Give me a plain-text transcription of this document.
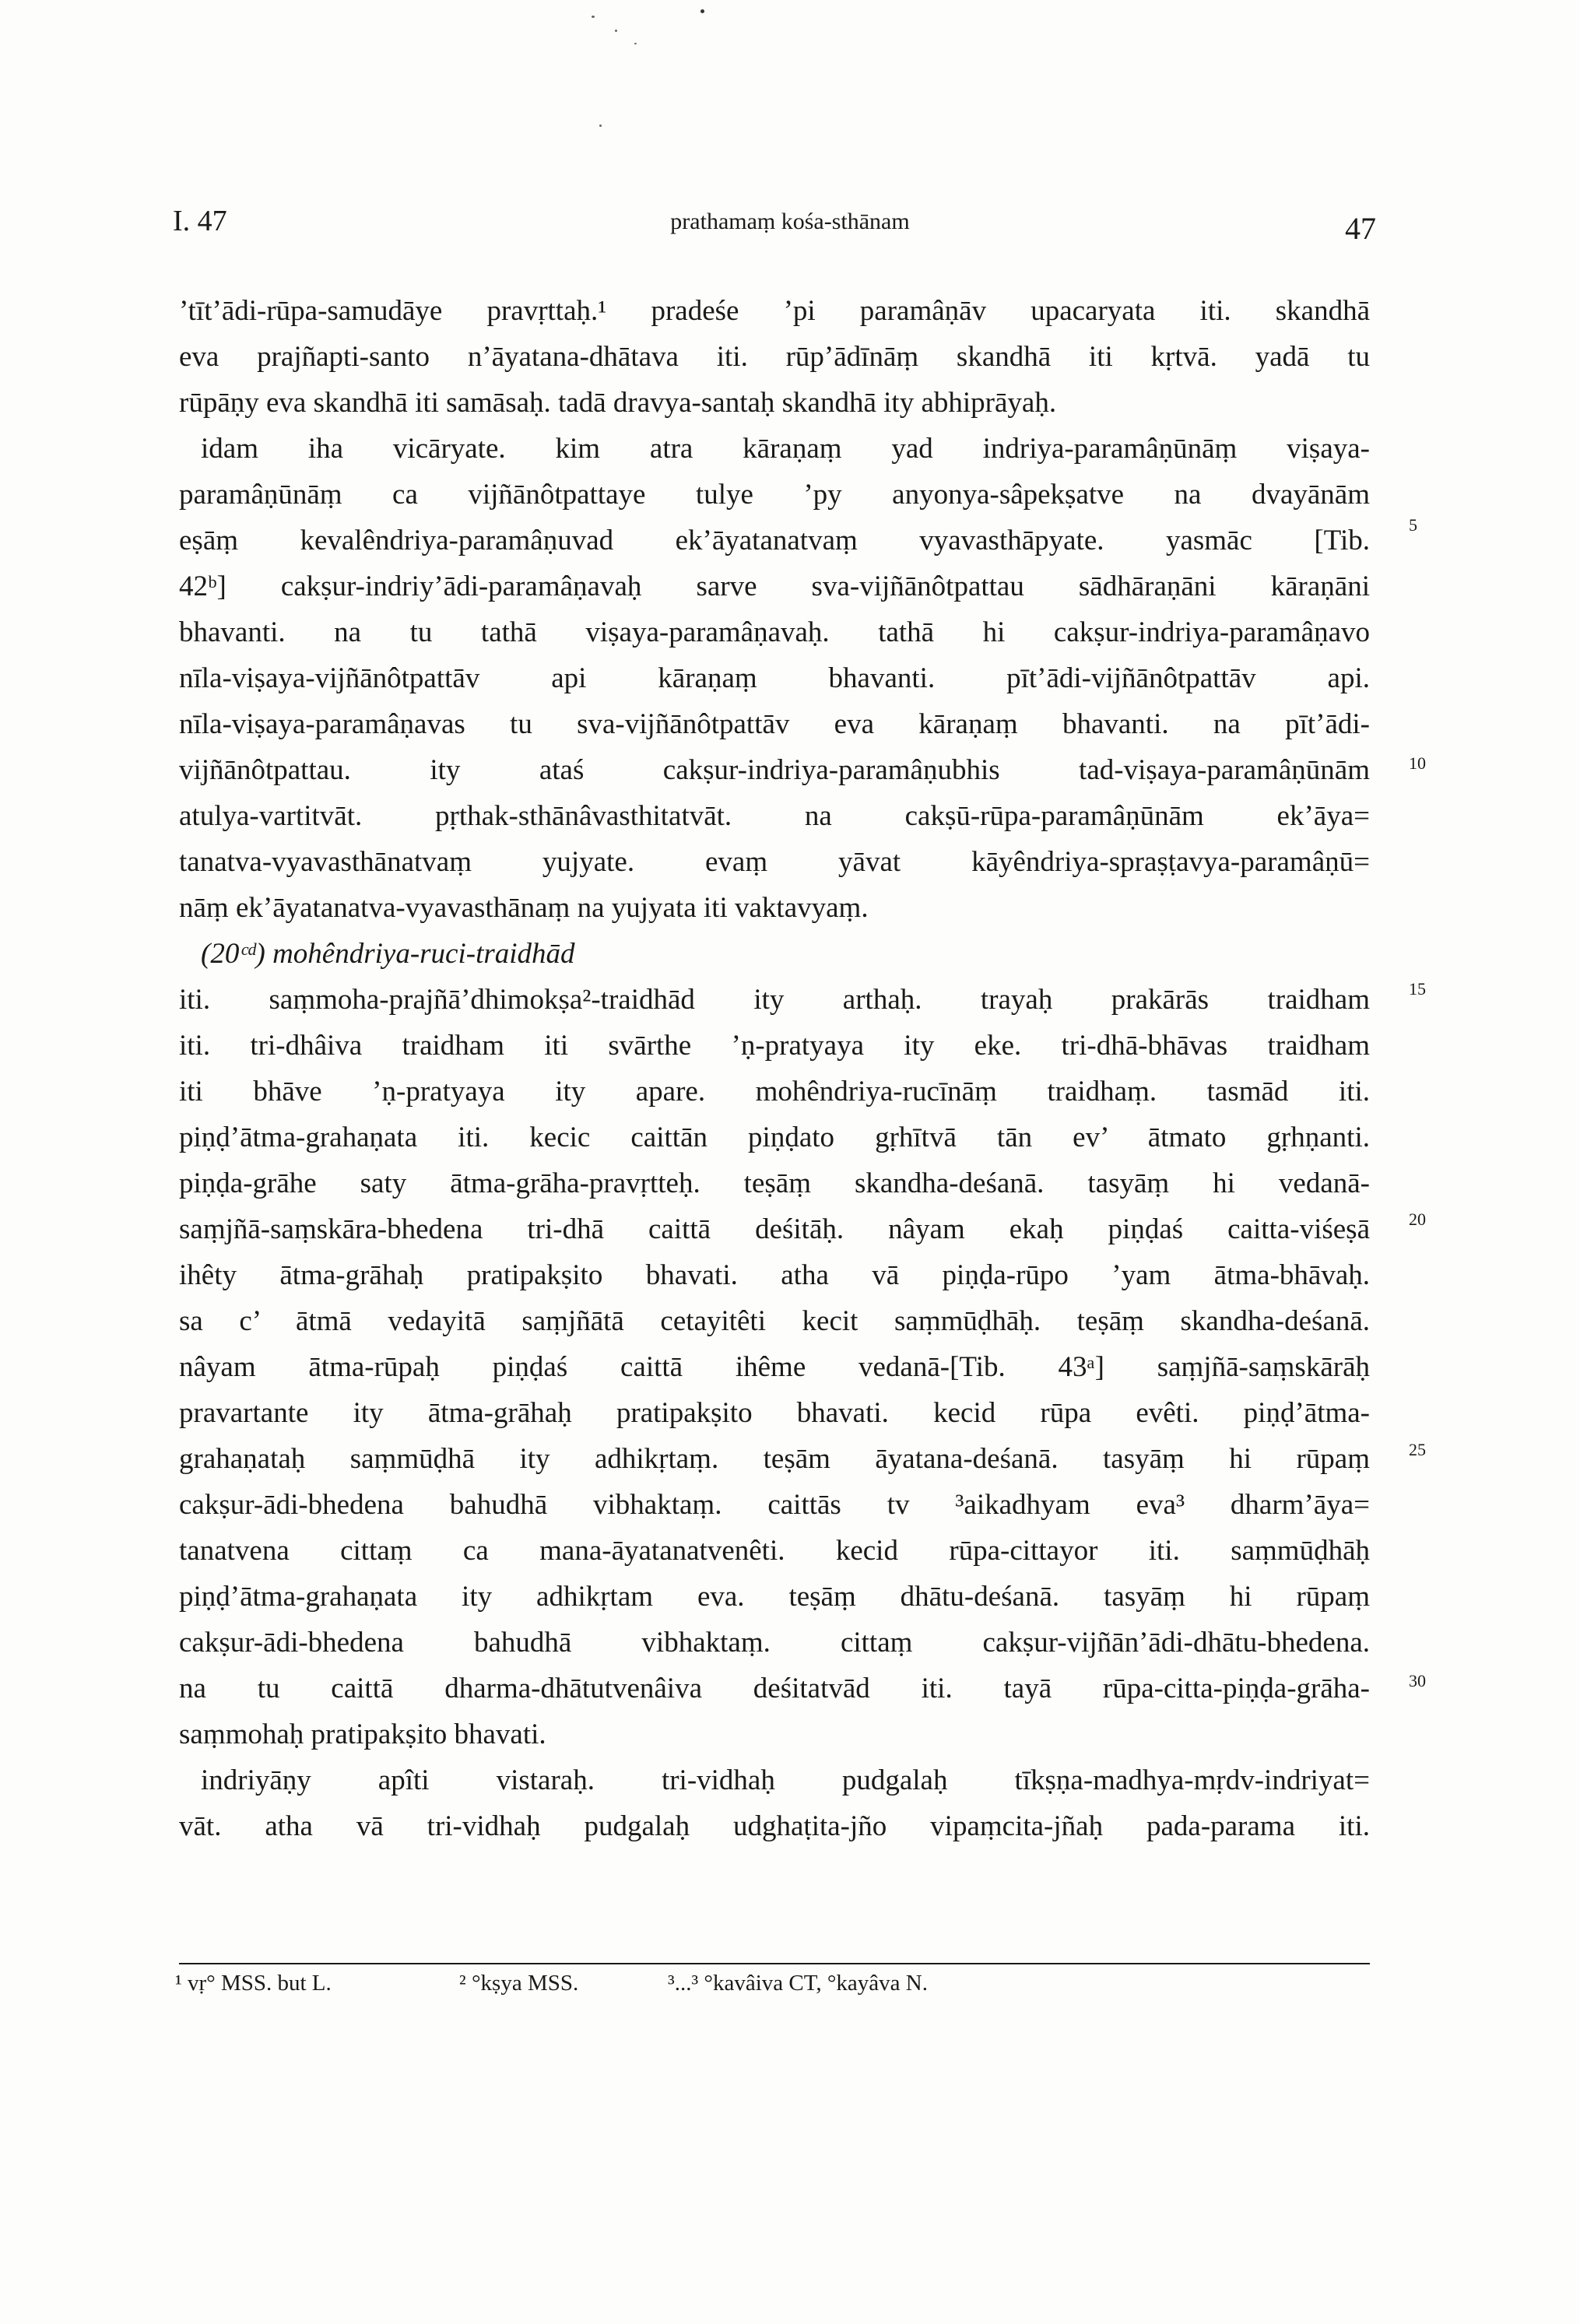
I. 47	prathamaṃ kośa-sthānam	47
’tīt’ādi-rūpa-samudāye pravṛttaḥ.¹ pradeśe ’pi paramâṇāv upacaryata iti. skandhā
eva prajñapti-santo n’āyatana-dhātava iti. rūp’ādīnāṃ skandhā iti kṛtvā. yadā tu
rūpāṇy eva skandhā iti samāsaḥ. tadā dravya-santaḥ skandhā ity abhiprāyaḥ.
idam iha vicāryate. kim atra kāraṇaṃ yad indriya-paramâṇūnāṃ viṣaya-
paramâṇūnāṃ ca vijñānôtpattaye tulye ’py anyonya-sâpekṣatve na dvayānām
eṣāṃ kevalêndriya-paramâṇuvad ek’āyatanatvaṃ vyavasthāpyate. yasmāc [Tib.
42ᵇ] cakṣur-indriy’ādi-paramâṇavaḥ sarve sva-vijñānôtpattau sādhāraṇāni kāraṇāni
bhavanti. na tu tathā viṣaya-paramâṇavaḥ. tathā hi cakṣur-indriya-paramâṇavo
nīla-viṣaya-vijñānôtpattāv api kāraṇaṃ bhavanti. pīt’ādi-vijñānôtpattāv api.
nīla-viṣaya-paramâṇavas tu sva-vijñānôtpattāv eva kāraṇaṃ bhavanti. na pīt’ādi-
vijñānôtpattau. ity ataś cakṣur-indriya-paramâṇubhis tad-viṣaya-paramâṇūnām
atulya-vartitvāt. pṛthak-sthānâvasthitatvāt. na cakṣū-rūpa-paramâṇūnām ek’āya=
tanatva-vyavasthānatvaṃ yujyate. evaṃ yāvat kāyêndriya-spraṣṭavya-paramâṇū=
nāṃ ek’āyatanatva-vyavasthānaṃ na yujyata iti vaktavyaṃ.
(20ᶜᵈ) mohêndriya-ruci-traidhād
iti. saṃmoha-prajñā’dhimokṣa²-traidhād ity arthaḥ. trayaḥ prakārās traidham
iti. tri-dhâiva traidham iti svārthe ’ṇ-pratyaya ity eke. tri-dhā-bhāvas traidham
iti bhāve ’ṇ-pratyaya ity apare. mohêndriya-rucīnāṃ traidhaṃ. tasmād iti.
piṇḍ’ātma-grahaṇata iti. kecic caittān piṇḍato gṛhītvā tān ev’ ātmato gṛhṇanti.
piṇḍa-grāhe saty ātma-grāha-pravṛtteḥ. teṣāṃ skandha-deśanā. tasyāṃ hi vedanā-
saṃjñā-saṃskāra-bhedena tri-dhā caittā deśitāḥ. nâyam ekaḥ piṇḍaś caitta-viśeṣā
ihêty ātma-grāhaḥ pratipakṣito bhavati. atha vā piṇḍa-rūpo ’yam ātma-bhāvaḥ.
sa c’ ātmā vedayitā saṃjñātā cetayitêti kecit saṃmūḍhāḥ. teṣāṃ skandha-deśanā.
nâyam ātma-rūpaḥ piṇḍaś caittā ihême vedanā-[Tib. 43ᵃ] saṃjñā-saṃskārāḥ
pravartante ity ātma-grāhaḥ pratipakṣito bhavati. kecid rūpa evêti. piṇḍ’ātma-
grahaṇataḥ saṃmūḍhā ity adhikṛtaṃ. teṣām āyatana-deśanā. tasyāṃ hi rūpaṃ
cakṣur-ādi-bhedena bahudhā vibhaktaṃ. caittās tv ³aikadhyam eva³ dharm’āya=
tanatvena cittaṃ ca mana-āyatanatvenêti. kecid rūpa-cittayor iti. saṃmūḍhāḥ
piṇḍ’ātma-grahaṇata ity adhikṛtam eva. teṣāṃ dhātu-deśanā. tasyāṃ hi rūpaṃ
cakṣur-ādi-bhedena bahudhā vibhaktaṃ. cittaṃ cakṣur-vijñān’ādi-dhātu-bhedena.
na tu caittā dharma-dhātutvenâiva deśitatvād iti. tayā rūpa-citta-piṇḍa-grāha-
saṃmohaḥ pratipakṣito bhavati.
indriyāṇy apîti vistaraḥ. tri-vidhaḥ pudgalaḥ tīkṣṇa-madhya-mṛdv-indriyat=
vāt. atha vā tri-vidhaḥ pudgalaḥ udghaṭita-jño vipaṃcita-jñaḥ pada-parama iti.
5
10
15
20
25
30
¹ vṛ° MSS. but L.	² °kṣya MSS.	³...³ °kavâiva CT, °kayâva N.
